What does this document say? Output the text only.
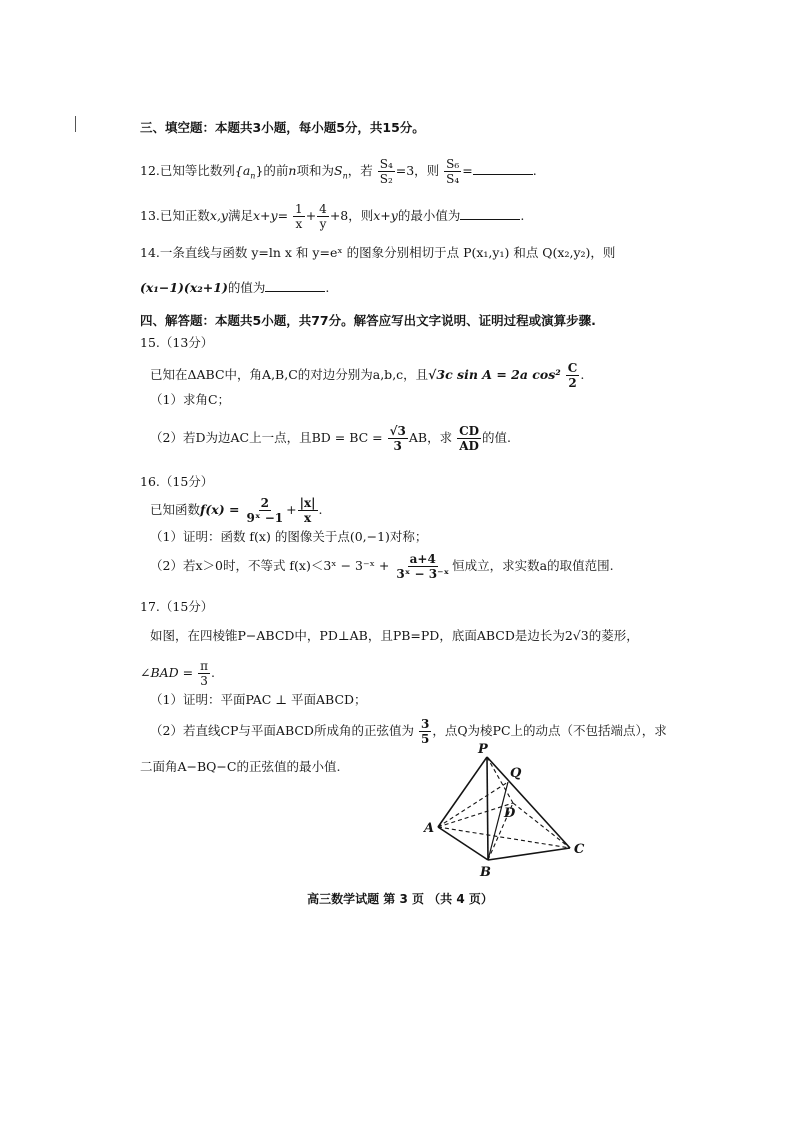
三、填空题：本题共3小题，每小题5分，共15分。
12.已知等比数列$\{a_n\}$的前n项和为$S_n$，若 $\frac{\text{S₄}}{\text{S₂}} =3$，则 $\frac{\text{S₆}}{\text{S₄}}$ =	.
13.已知正数x,y满足$x+y= \frac{1}{x} + \frac{4}{y} +8$，则x+y的最小值为	.
14.一条直线与函数 y=ln x 和 y=eˣ 的图象分别相切于点 P(x₁,y₁) 和点 Q(x₂,y₂)，则
(x₁−1)(x₂+1)的值为	.
四、解答题：本题共5小题，共77分。解答应写出文字说明、证明过程或演算步骤.
15.（13分）
已知在ΔABC中，角A,B,C的对边分别为a,b,c，且√3c sin A = 2a $\cos^2 \frac{C}{2}$ .
（1）求角C；
（2）若D为边AC上一点，且BD = BC = $\frac{√3}{3}$ AB，求 $\frac{CD}{AD}$ 的值.
16.（15分）
已知函数$f(x) = \frac{2}{\text{9ˣ −1}} + \frac{|x|}{x}$ .
（1）证明：函数 f(x) 的图像关于点(0,−1)对称；
（2）若x＞0时，不等式 f(x)＜3ˣ − 3⁻ˣ + $\frac{a+4}{\text{3ˣ − 3⁻ˣ}}$ 恒成立，求实数a的取值范围.
17.（15分）
如图，在四棱锥P−ABCD中，PD⊥AB，且PB=PD，底面ABCD是边长为2√3的菱形，
∠BAD = $\frac{\pi}{3}$ .
（1）证明：平面PAC ⊥ 平面ABCD；
（2）若直线CP与平面ABCD所成角的正弦值为 $\frac{3}{5}$ ，点Q为棱PC上的动点（不包括端点），求
二面角A−BQ−C的正弦值的最小值.
P
Q
D
A
B
C
高三数学试题 第 3 页 （共 4 页）
